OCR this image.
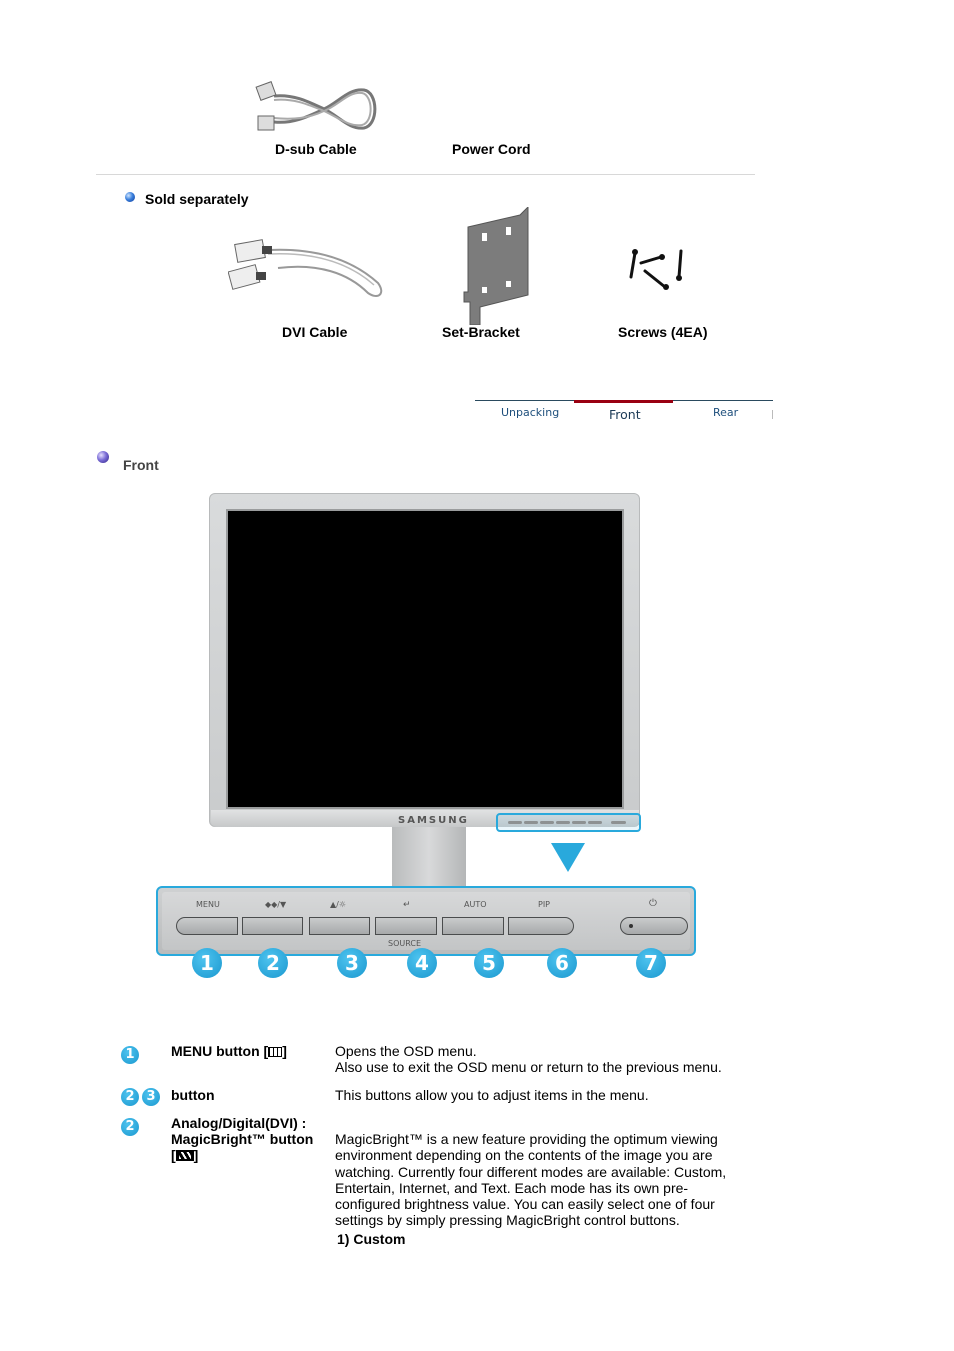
D-sub Cable	Power Cord
Sold separately
DVI Cable	Set-Bracket	Screws (4EA)
Unpacking	Front	Rear
Front
SAMSUNG
MENU	◆◆/▼	▲/☼	↵
SOURCE
AUTO	PIP	⏻
1	2	3	4	5	6	7
1	MENU button [ ]	Opens the OSD menu.
Also use to exit the OSD menu or return to the previous menu.
2 3	button	This buttons allow you to adjust items in the menu.
2	Analog/Digital(DVI) :
MagicBright™ button
[ ]
MagicBright™ is a new feature providing the optimum viewing
environment depending on the contents of the image you are
watching. Currently four different modes are available: Custom,
Entertain, Internet, and Text. Each mode has its own pre-
configured brightness value. You can easily select one of four
settings by simply pressing MagicBright control buttons.
1) Custom
